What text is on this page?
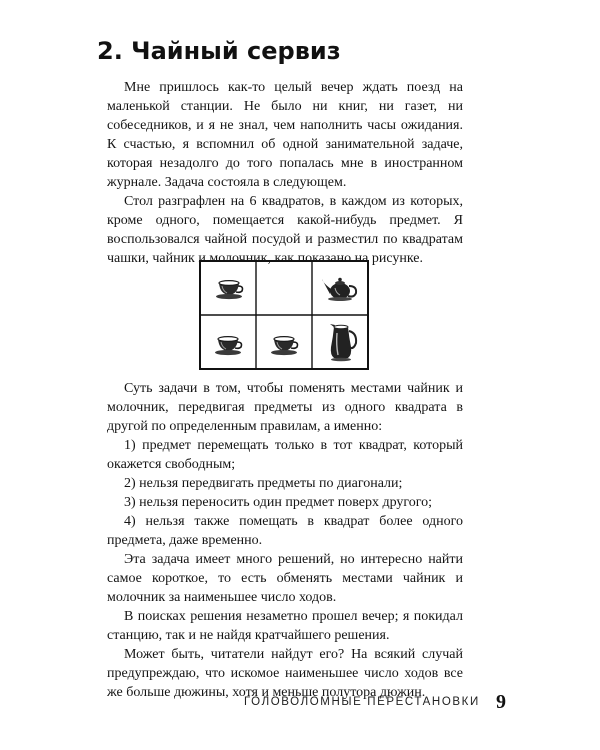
2. Чайный сервиз

Мне пришлось как-то целый вечер ждать поезд на маленькой станции. Не было ни книг, ни газет, ни собеседников, и я не знал, чем наполнить часы ожидания. К счастью, я вспомнил об одной занимательной задаче, которая незадолго до того попалась мне в иностранном журнале. Задача состояла в следующем.

Стол разграфлен на 6 квадратов, в каждом из которых, кроме одного, помещается какой-нибудь предмет. Я воспользовался чайной посудой и разместил по квадратам чашки, чайник и молочник, как показано на рисунке.

Суть задачи в том, чтобы поменять местами чайник и молочник, передвигая предметы из одного квадрата в другой по определенным правилам, а именно:

1) предмет перемещать только в тот квадрат, который окажется свободным;

2) нельзя передвигать предметы по диагонали;

3) нельзя переносить один предмет поверх другого;

4) нельзя также помещать в квадрат более одного предмета, даже временно.

Эта задача имеет много решений, но интересно найти самое короткое, то есть обменять местами чайник и молочник за наименьшее число ходов.

В поисках решения незаметно прошел вечер; я покидал станцию, так и не найдя кратчайшего решения.

Может быть, читатели найдут его? На всякий случай предупреждаю, что искомое наименьшее число ходов все же больше дюжины, хотя и меньше полутора дюжин.

ГОЛОВОЛОМНЫЕ ПЕРЕСТАНОВКИ 9
